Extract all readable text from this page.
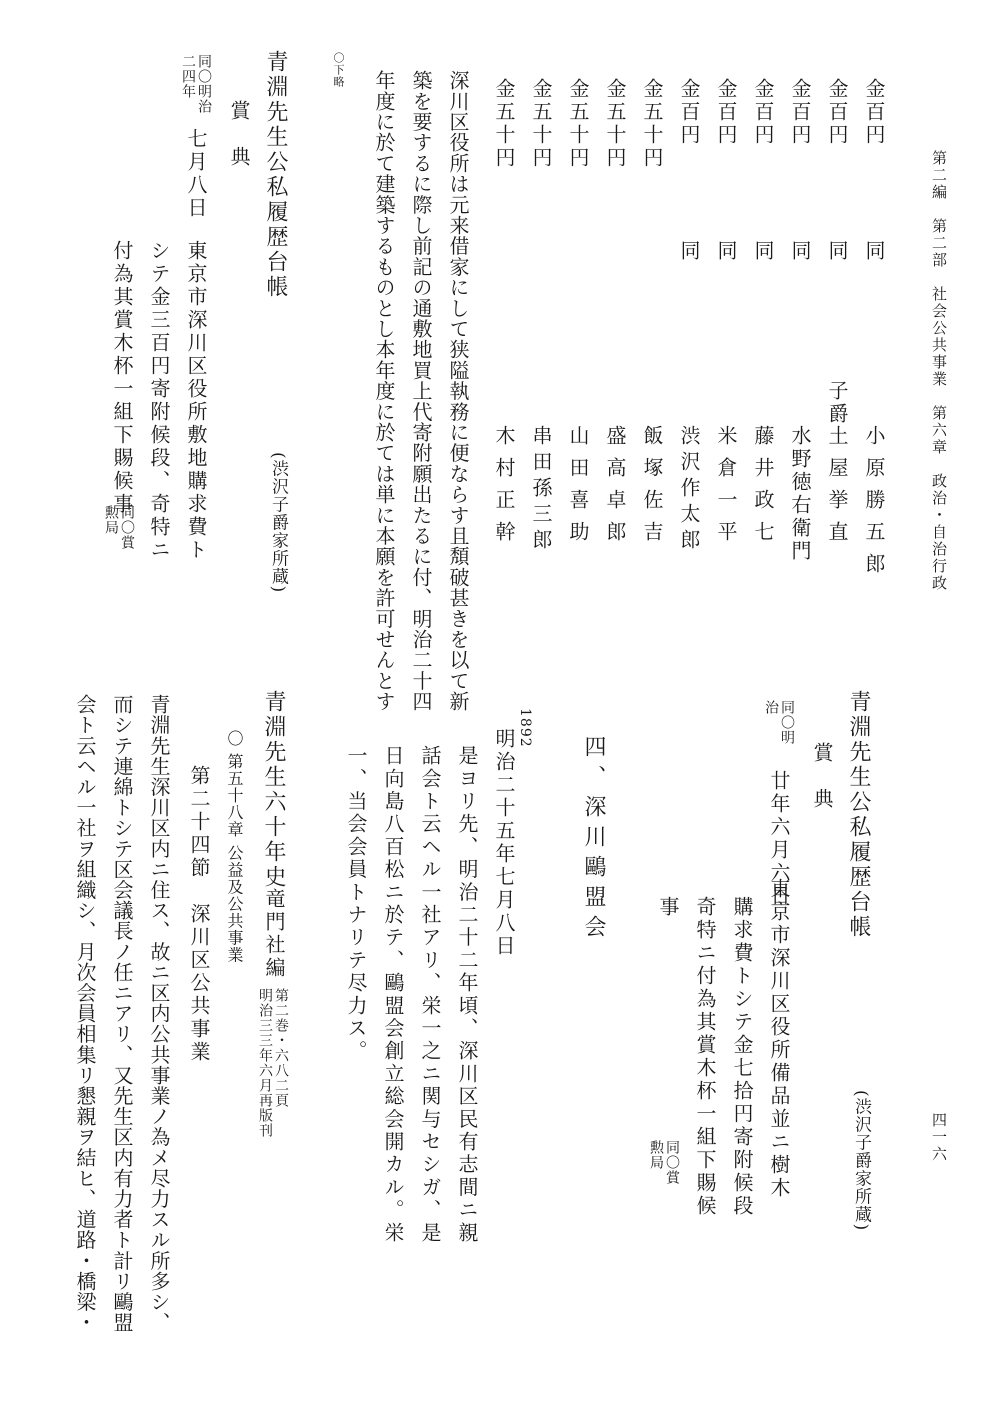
第二編　第二部　社会公共事業　第六章　政治・自治行政
四一六
金百円
同
小原勝五郎
金百円
同
子爵
土屋挙直
金百円
同
水野徳右衛門
金百円
同
藤井政七
金百円
同
米倉一平
金百円
同
渋沢作太郎
金五十円
飯塚佐吉
金五十円
盛高卓郎
金五十円
山田喜助
金五十円
串田孫三郎
金五十円
木村正幹
深川区役所は元来借家にして狭隘執務に便ならす且頽破甚きを以て新
築を要するに際し前記の通敷地買上代寄附願出たるに付、明治二十四
年度に於て建築するものとし本年度に於ては単に本願を許可せんとす
〇下略
青淵先生公私履歴台帳
(渋沢子爵家所蔵)
賞　典
同〇明治
二四年
七月八日
東京市深川区役所敷地購求費ト
シテ金三百円寄附候段、奇特ニ
付為其賞木杯一組下賜候事
同〇賞
勲局
青淵先生公私履歴台帳
(渋沢子爵家所蔵)
賞　典
同〇明
治
廿年六月六日
東京市深川区役所備品並ニ樹木
購求費トシテ金七拾円寄附候段
奇特ニ付為其賞木杯一組下賜候
事
同〇賞
勲局
四、深川鷗盟会
1892
明治二十五年七月八日
是ヨリ先、明治二十二年頃、深川区民有志間ニ親
話会ト云ヘル一社アリ、栄一之ニ関与セシガ、是
日向島八百松ニ於テ、鷗盟会創立総会開カル。栄
一、当会会員トナリテ尽力ス。
青淵先生六十年史
竜門社編
第二巻・六八二頁
明治三三年六月再版刊
〇 第五十八章 公益及公共事業
第二十四節　深川区公共事業
青淵先生深川区内ニ住ス、故ニ区内公共事業ノ為メ尽力スル所多シ、
而シテ連綿トシテ区会議長ノ任ニアリ、又先生区内有力者ト計リ鷗盟
会ト云ヘル一社ヲ組織シ、月次会員相集リ懇親ヲ結ヒ、道路・橋梁・
